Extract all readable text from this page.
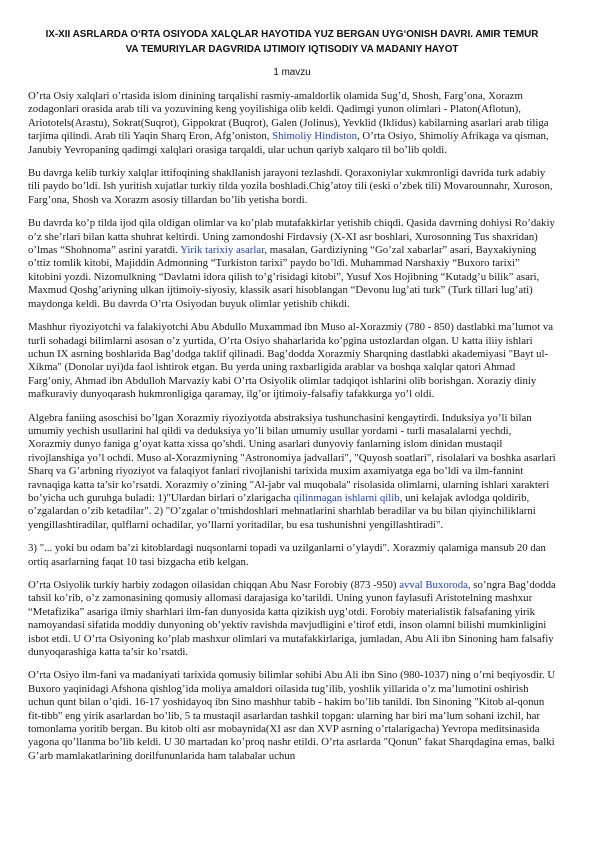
IX-XII ASRLARDA O‘RTA OSIYODA XALQLAR HAYOTIDA YUZ BERGAN UYG‘ONISH DAVRI. AMIR TEMUR VA TEMURIYLAR DAGVRIDA IJTIMOIY IQTISODIY VA MADANIY HAYOT
1 mavzu

O’rta Osiy xalqlari o’rtasida islom dinining tarqalishi rasmiy-amaldorlik olamida Sug’d, Shosh, Farg’ona, Xorazm zodagonlari orasida arab tili va yozuvining keng yoyilishiga olib keldi. Qadimgi yunon olimlari - Platon(Aflotun), Ariototels(Arastu), Sokrat(Suqrot), Gippokrat (Buqrot), Galen (Jolinus), Yevklid (Iklidus) kabilarning asarlari arab tiliga tarjima qilindi. Arab tili Yaqin Sharq Eron, Afg’oniston, Shimoliy Hindiston, O’rta Osiyo, Shimoliy Afrikaga va qisman, Janubiy Yevropaning qadimgi xalqlari orasiga tarqaldi, ular uchun qariyb xalqaro til bo’lib qoldi.

Bu davrga kelib turkiy xalqlar ittifoqining shakllanish jarayoni tezlashdi. Qoraxoniylar xukmronligi davrida turk adabiy tili paydo bo’ldi. Ish yuritish xujatlar turkiy tilda yozila boshladi.Chig’atoy tili (eski o’zbek tili) Movarounnahr, Xuroson, Farg’ona, Shosh va Xorazm asosiy tillardan bo’lib yetisha bordi.

Bu davrda ko’p tilda ijod qila oldigan olimlar va ko’plab mutafakkirlar yetishib chiqdi. Qasida davrning dohiysi Ro’dakiy o’z she’rlari bilan katta shuhrat keltirdi. Uning zamondoshi Firdavsiy (X-XI asr boshlari, Xurosonning Tus shaxridan) o’lmas “Shohnoma” asrini yaratdi. Yirik tarixiy asarlar, masalan, Gardiziyning “Go’zal xabarlar” asari, Bayxakiyning o’ttiz tomlik kitobi, Majiddin Admonning “Turkiston tarixi” paydo bo’ldi. Muhammad Narshaxiy “Buxoro tarixi” kitobini yozdi. Nizomulkning “Davlatni idora qilish to’g’risidagi kitobi”, Yusuf Xos Hojibning “Kutadg’u bilik” asari, Maxmud Qoshg’ariyning ulkan ijtimoiy-siyosiy, klassik asari hisoblangan “Devonu lug’ati turk” (Turk tillari lug’ati) maydonga keldi. Bu davrda O’rta Osiyodan buyuk olimlar yetishib chikdi.

Mashhur riyoziyotchi va falakiyotchi Abu Abdullo Muxammad ibn Muso al-Xorazmiy (780 - 850) dastlabki ma’lumot va turli sohadagi bilimlarni asosan o’z yurtida, O’rta Osiyo shaharlarida ko’pgina ustozlardan olgan. U katta iliiy ishlari uchun IX asrning boshlarida Bag’dodga taklif qilinadi. Bag’dodda Xorazmiy Sharqning dastlabki akademiyasi "Bayt ul-Xikma" (Donolar uyi)da faol ishtirok etgan. Bu yerda uning raxbarligida arablar va boshqa xalqlar qatori Ahmad Farg’oniy, Ahmad ibn Abdulloh Marvaziy kabi O’rta Osiyolik olimlar tadqiqot ishlarini olib borishgan. Xoraziy diniy mafkuraviy dunyoqarash hukmronligiga qaramay, ilg’or ijtimoiy-falsafiy tafakkurga yo’l oldi.

Algebra faniing asoschisi bo’lgan Xorazmiy riyoziyotda abstraksiya tushunchasini kengaytirdi. Induksiya yo’li bilan umumiy yechish usullarini hal qildi va deduksiya yo’li bilan umumiy usullar yordami - turli masalalarni yechdi, Xorazmiy dunyo faniga g’oyat katta xissa qo’shdi. Uning asarlari dunyoviy fanlarning islom dinidan mustaqil rivojlanshiga yo’l ochdi. Muso al-Xorazmiyning "Astronomiya jadvallari", "Quyosh soatlari", risolalari va boshka asarlari Sharq va G’arbning riyoziyot va falaqiyot fanlari rivojlanishi tarixida muxim axamiyatga ega bo’ldi va ilm-fannint ravnaqiga katta ta’sir ko’rsatdi. Xorazmiy o’zining "Al-jabr val muqobala" risolasida olimlarni, ularning ishlari xarakteri bo’yicha uch guruhga buladi: 1)"Ulardan birlari o’zlarigacha qilinmagan ishlarni qilib, uni kelajak avlodga qoldirib, o’zgalardan o’zib ketadilar". 2) "O’zgalar o’tmishdoshlari mehnatlarini sharhlab beradilar va bu bilan qiyinchiliklarni yengillashtiradilar, qulflarni ochadilar, yo’llarni yoritadilar, bu esa tushunishni yengillashtiradi".

3) "... yoki bu odam ba’zi kitoblardagi nuqsonlarni topadi va uzilganlarni o’ylaydi". Xorazmiy qalamiga mansub 20 dan ortiq asarlarning faqat 10 tasi bizgacha etib kelgan.

O’rta Osiyolik turkiy harbiy zodagon oilasidan chiqqan Abu Nasr Forobiy (873 -950) avval Buxoroda, so’ngra Bag’dodda tahsil ko’rib, o’z zamonasining qomusiy allomasi darajasiga ko’tarildi. Uning yunon faylasufi Aristotelning mashxur “Metafizika” asariga ilmiy sharhlari ilm-fan dunyosida katta qizikish uyg’otdi. Forobiy materialistik falsafaning yirik namoyandasi sifatida moddiy dunyoning ob’yektiv ravishda mavjudligini e’tirof etdi, inson olamni bilishi mumkinligini isbot etdi. U O’rta Osiyoning ko’plab mashxur olimlari va mutafakkirlariga, jumladan, Abu Ali ibn Sinoning ham falsafiy dunyoqarashiga katta ta’sir ko’rsatdi.

O’rta Osiyo ilm-fani va madaniyati tarixida qomusiy bilimlar sohibi Abu Ali ibn Sino (980-1037) ning o’rni beqiyosdir. U Buxoro yaqinidagi Afshona qishlog’ida moliya amaldori oilasida tug’ilib, yoshlik yillarida o’z ma’lumotini oshirish uchun qunt bilan o’qidi. 16-17 yoshidayoq ibn Sino mashhur tabib - hakim bo’lib tanildi. Ibn Sinoning "Kitob al-qonun fit-tibb" eng yirik asarlardan bo’lib, 5 ta mustaqil asarlardan tashkil topgan: ularning har biri ma’lum sohani izchil, har tomonlama yoritib bergan. Bu kitob olti asr mobaynida(XI asr dan XVP asrning o’rtalarigacha) Yevropa meditsinasida yagona qo’llanma bo’lib keldi. U 30 martadan ko’proq nashr etildi. O’rta asrlarda "Qonun" fakat Sharqdagina emas, balki G’arb mamlakatlarining dorilfununlarida ham talabalar uchun
